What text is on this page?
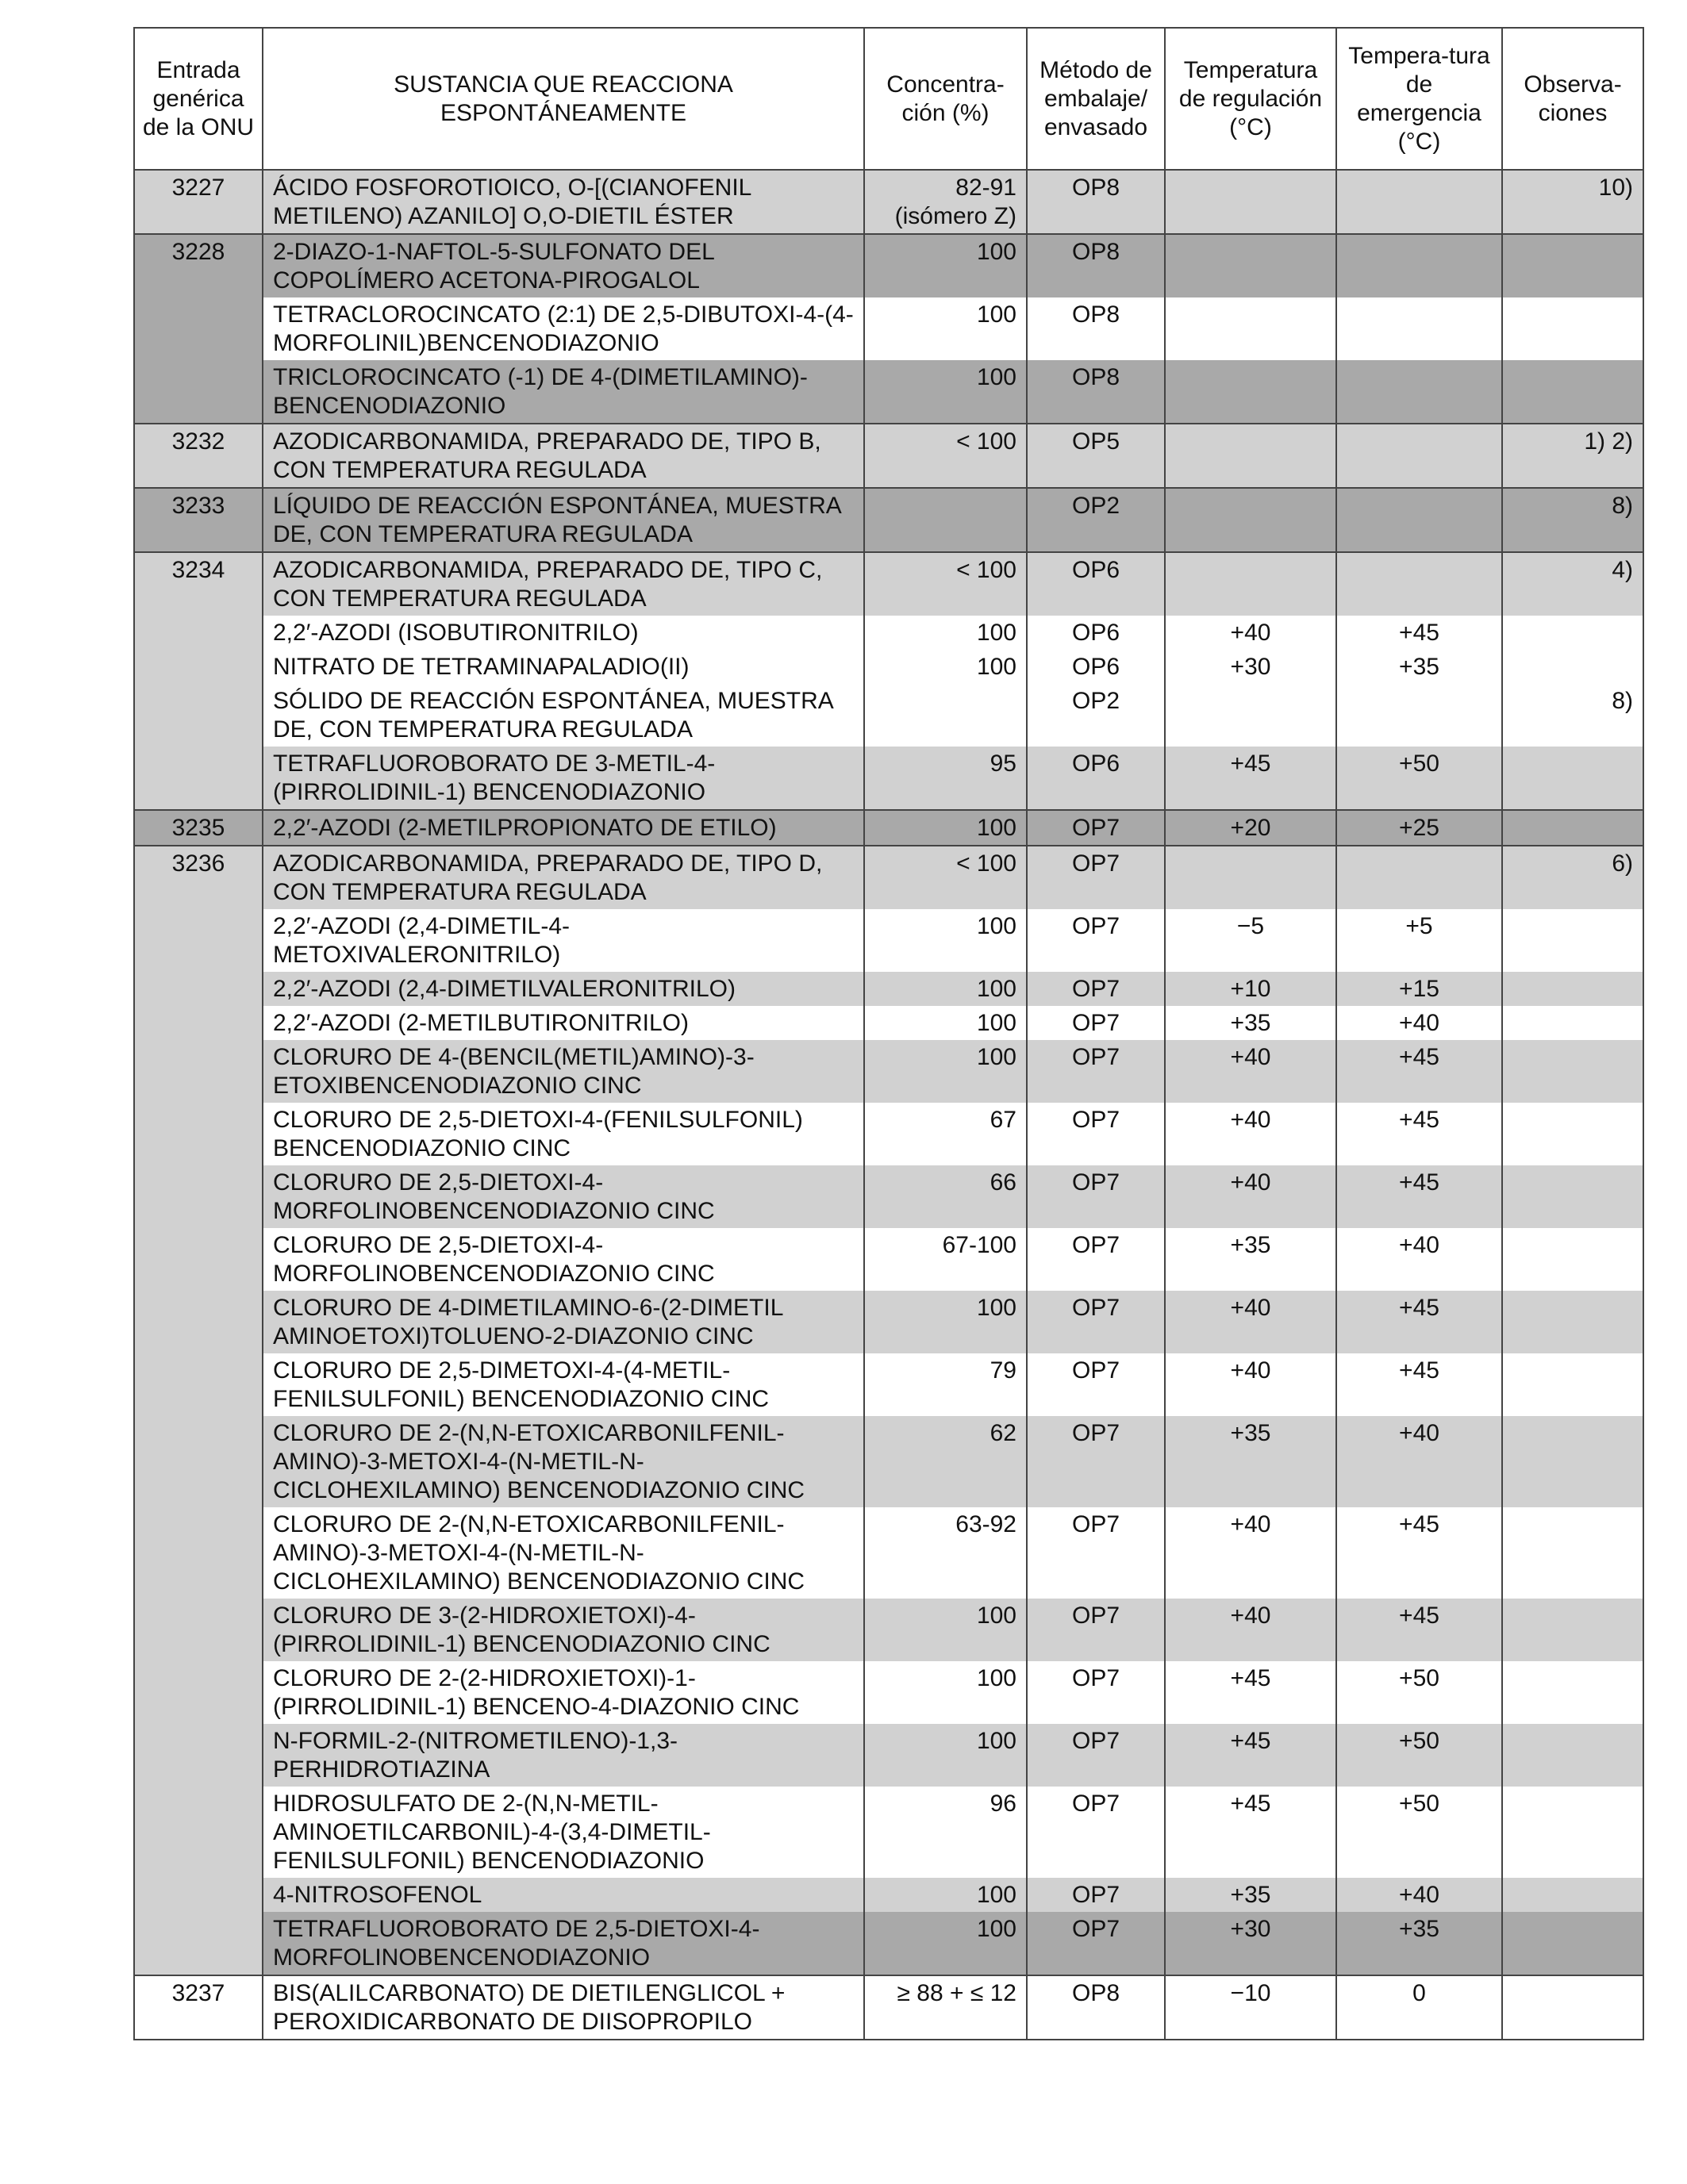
Entrada genérica de la ONU	SUSTANCIA QUE REACCIONA ESPONTÁNEAMENTE	Concentra-ción (%)	Método de embalaje/ envasado	Temperatura de regulación (°C)	Tempera-tura de emergencia (°C)	Observa-ciones
3227	ÁCIDO FOSFOROTIOICO, O-[(CIANOFENIL METILENO) AZANILO] O,O-DIETIL ÉSTER	82-91 (isómero Z)	OP8			10)
3228	2-DIAZO-1-NAFTOL-5-SULFONATO DEL COPOLÍMERO ACETONA-PIROGALOL	100	OP8			
	TETRACLOROCINCATO (2:1) DE 2,5-DIBUTOXI-4-(4-MORFOLINIL)BENCENODIAZONIO	100	OP8			
	TRICLOROCINCATO (-1) DE 4-(DIMETILAMINO)-BENCENODIAZONIO	100	OP8			
3232	AZODICARBONAMIDA, PREPARADO DE, TIPO B, CON TEMPERATURA REGULADA	< 100	OP5			1) 2)
3233	LÍQUIDO DE REACCIÓN ESPONTÁNEA, MUESTRA DE, CON TEMPERATURA REGULADA		OP2			8)
3234	AZODICARBONAMIDA, PREPARADO DE, TIPO C, CON TEMPERATURA REGULADA	< 100	OP6			4)
	2,2′-AZODI (ISOBUTIRONITRILO)	100	OP6	+40	+45	
	NITRATO DE TETRAMINAPALADIO(II)	100	OP6	+30	+35	
	SÓLIDO DE REACCIÓN ESPONTÁNEA, MUESTRA DE, CON TEMPERATURA REGULADA		OP2			8)
	TETRAFLUOROBORATO DE 3-METIL-4-(PIRROLIDINIL-1) BENCENODIAZONIO	95	OP6	+45	+50	
3235	2,2′-AZODI (2-METILPROPIONATO DE ETILO)	100	OP7	+20	+25	
3236	AZODICARBONAMIDA, PREPARADO DE, TIPO D, CON TEMPERATURA REGULADA	< 100	OP7			6)
	2,2′-AZODI (2,4-DIMETIL-4-METOXIVALERONITRILO)	100	OP7	−5	+5	
	2,2′-AZODI (2,4-DIMETILVALERONITRILO)	100	OP7	+10	+15	
	2,2′-AZODI (2-METILBUTIRONITRILO)	100	OP7	+35	+40	
	CLORURO DE 4-(BENCIL(METIL)AMINO)-3-ETOXIBENCENODIAZONIO CINC	100	OP7	+40	+45	
	CLORURO DE 2,5-DIETOXI-4-(FENILSULFONIL) BENCENODIAZONIO CINC	67	OP7	+40	+45	
	CLORURO DE 2,5-DIETOXI-4-MORFOLINOBENCENODIAZONIO CINC	66	OP7	+40	+45	
	CLORURO DE 2,5-DIETOXI-4-MORFOLINOBENCENODIAZONIO CINC	67-100	OP7	+35	+40	
	CLORURO DE 4-DIMETILAMINO-6-(2-DIMETIL AMINOETOXI)TOLUENO-2-DIAZONIO CINC	100	OP7	+40	+45	
	CLORURO DE 2,5-DIMETOXI-4-(4-METIL-FENILSULFONIL) BENCENODIAZONIO CINC	79	OP7	+40	+45	
	CLORURO DE 2-(N,N-ETOXICARBONILFENIL-AMINO)-3-METOXI-4-(N-METIL-N-CICLOHEXILAMINO) BENCENODIAZONIO CINC	62	OP7	+35	+40	
	CLORURO DE 2-(N,N-ETOXICARBONILFENIL-AMINO)-3-METOXI-4-(N-METIL-N-CICLOHEXILAMINO) BENCENODIAZONIO CINC	63-92	OP7	+40	+45	
	CLORURO DE 3-(2-HIDROXIETOXI)-4-(PIRROLIDINIL-1) BENCENODIAZONIO CINC	100	OP7	+40	+45	
	CLORURO DE 2-(2-HIDROXIETOXI)-1-(PIRROLIDINIL-1) BENCENO-4-DIAZONIO CINC	100	OP7	+45	+50	
	N-FORMIL-2-(NITROMETILENO)-1,3-PERHIDROTIAZINA	100	OP7	+45	+50	
	HIDROSULFATO DE 2-(N,N-METIL-AMINOETILCARBONIL)-4-(3,4-DIMETIL-FENILSULFONIL) BENCENODIAZONIO	96	OP7	+45	+50	
	4-NITROSOFENOL	100	OP7	+35	+40	
	TETRAFLUOROBORATO DE 2,5-DIETOXI-4-MORFOLINOBENCENODIAZONIO	100	OP7	+30	+35	
3237	BIS(ALILCARBONATO) DE DIETILENGLICOL + PEROXIDICARBONATO DE DIISOPROPILO	≥ 88 + ≤ 12	OP8	−10	0	
